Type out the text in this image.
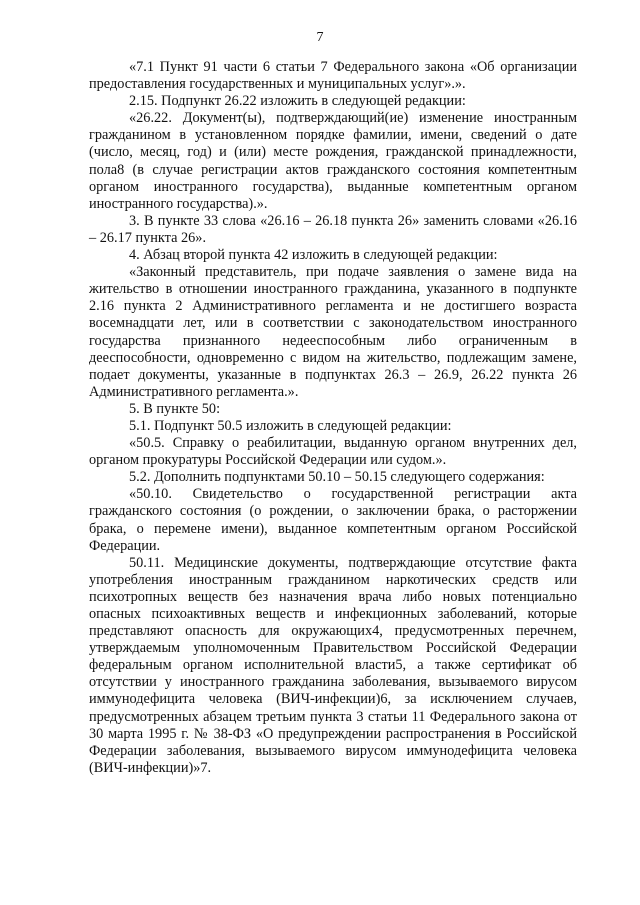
7

«7.1 Пункт 91 части 6 статьи 7 Федерального закона «Об организации предоставления государственных и муниципальных услуг».».

2.15. Подпункт 26.22 изложить в следующей редакции:

«26.22. Документ(ы), подтверждающий(ие) изменение иностранным гражданином в установленном порядке фамилии, имени, сведений о дате (число, месяц, год) и (или) месте рождения, гражданской принадлежности, пола8 (в случае регистрации актов гражданского состояния компетентным органом иностранного государства), выданные компетентным органом иностранного государства).».

3. В пункте 33 слова «26.16 – 26.18 пункта 26» заменить словами «26.16 – 26.17 пункта 26».

4. Абзац второй пункта 42 изложить в следующей редакции:

«Законный представитель, при подаче заявления о замене вида на жительство в отношении иностранного гражданина, указанного в подпункте 2.16 пункта 2 Административного регламента и не достигшего возраста восемнадцати лет, или в соответствии с законодательством иностранного государства признанного недееспособным либо ограниченным в дееспособности, одновременно с видом на жительство, подлежащим замене, подает документы, указанные в подпунктах 26.3 – 26.9, 26.22 пункта 26 Административного регламента.».

5. В пункте 50:

5.1. Подпункт 50.5 изложить в следующей редакции:

«50.5. Справку о реабилитации, выданную органом внутренних дел, органом прокуратуры Российской Федерации или судом.».

5.2. Дополнить подпунктами 50.10 – 50.15 следующего содержания:

«50.10. Свидетельство о государственной регистрации акта гражданского состояния (о рождении, о заключении брака, о расторжении брака, о перемене имени), выданное компетентным органом Российской Федерации.

50.11. Медицинские документы, подтверждающие отсутствие факта употребления иностранным гражданином наркотических средств или психотропных веществ без назначения врача либо новых потенциально опасных психоактивных веществ и инфекционных заболеваний, которые представляют опасность для окружающих4, предусмотренных перечнем, утверждаемым уполномоченным Правительством Российской Федерации федеральным органом исполнительной власти5, а также сертификат об отсутствии у иностранного гражданина заболевания, вызываемого вирусом иммунодефицита человека (ВИЧ-инфекции)6, за исключением случаев, предусмотренных абзацем третьим пункта 3 статьи 11 Федерального закона от 30 марта 1995 г. № 38-ФЗ «О предупреждении распространения в Российской Федерации заболевания, вызываемого вирусом иммунодефицита человека (ВИЧ-инфекции)»7.
